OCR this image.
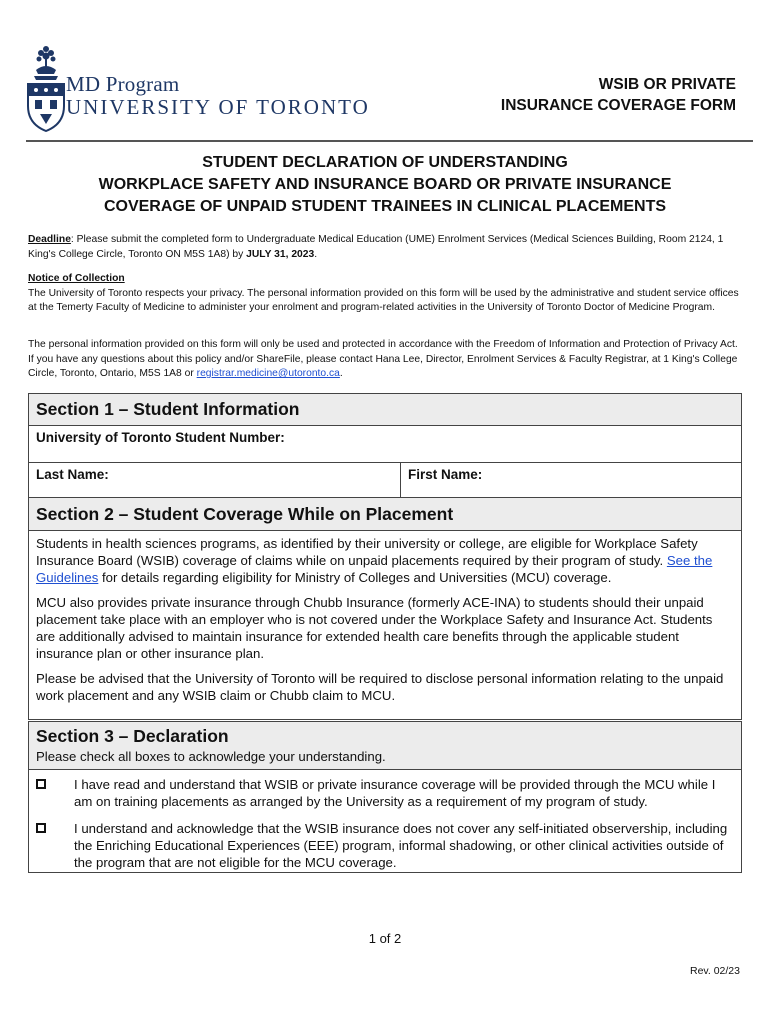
MD Program
UNIVERSITY OF TORONTO
WSIB OR PRIVATE
INSURANCE COVERAGE FORM
STUDENT DECLARATION OF UNDERSTANDING
WORKPLACE SAFETY AND INSURANCE BOARD OR PRIVATE INSURANCE
COVERAGE OF UNPAID STUDENT TRAINEES IN CLINICAL PLACEMENTS
Deadline: Please submit the completed form to Undergraduate Medical Education (UME) Enrolment Services (Medical Sciences Building, Room 2124, 1 King's College Circle, Toronto ON M5S 1A8) by JULY 31, 2023.
Notice of Collection
The University of Toronto respects your privacy. The personal information provided on this form will be used by the administrative and student service offices at the Temerty Faculty of Medicine to administer your enrolment and program-related activities in the University of Toronto Doctor of Medicine Program.
The personal information provided on this form will only be used and protected in accordance with the Freedom of Information and Protection of Privacy Act. If you have any questions about this policy and/or ShareFile, please contact Hana Lee, Director, Enrolment Services & Faculty Registrar, at 1 King's College Circle, Toronto, Ontario, M5S 1A8 or registrar.medicine@utoronto.ca.
Section 1 – Student Information
University of Toronto Student Number:
Last Name:	First Name:
Section 2 – Student Coverage While on Placement

Students in health sciences programs, as identified by their university or college, are eligible for Workplace Safety Insurance Board (WSIB) coverage of claims while on unpaid placements required by their program of study. See the Guidelines for details regarding eligibility for Ministry of Colleges and Universities (MCU) coverage.

MCU also provides private insurance through Chubb Insurance (formerly ACE-INA) to students should their unpaid placement take place with an employer who is not covered under the Workplace Safety and Insurance Act. Students are additionally advised to maintain insurance for extended health care benefits through the applicable student insurance plan or other insurance plan.

Please be advised that the University of Toronto will be required to disclose personal information relating to the unpaid work placement and any WSIB claim or Chubb claim to MCU.

Section 3 – Declaration
Please check all boxes to acknowledge your understanding.
I have read and understand that WSIB or private insurance coverage will be provided through the MCU while I am on training placements as arranged by the University as a requirement of my program of study.
I understand and acknowledge that the WSIB insurance does not cover any self-initiated observership, including the Enriching Educational Experiences (EEE) program, informal shadowing, or other clinical activities outside of the program that are not eligible for the MCU coverage.
1 of 2
Rev. 02/23
